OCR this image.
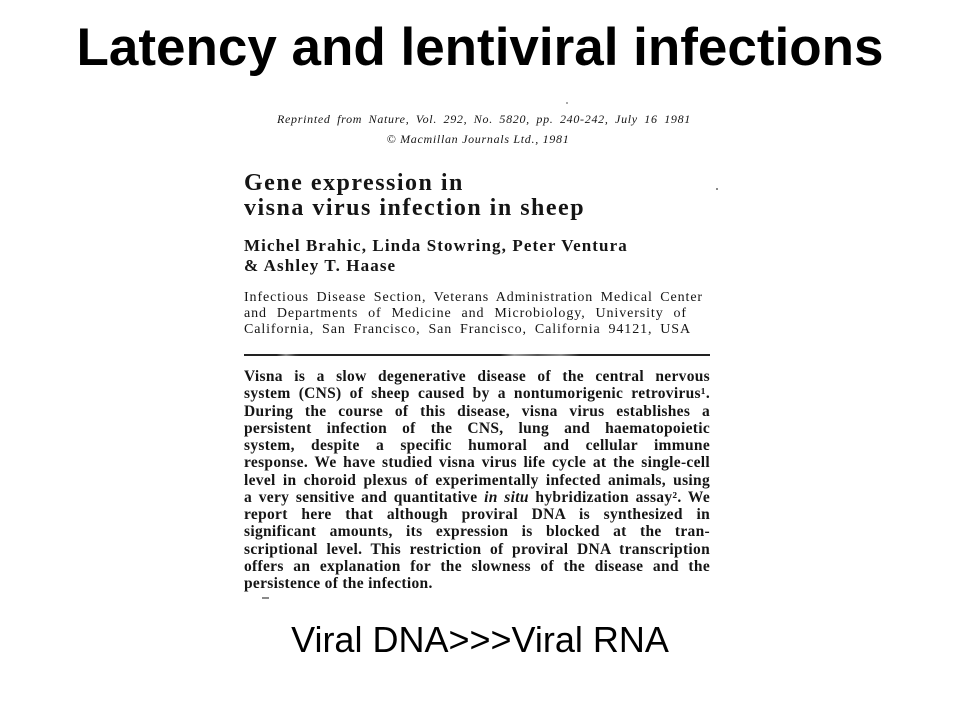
Latency and lentiviral infections
Reprinted from Nature, Vol. 292, No. 5820, pp. 240-242, July 16 1981
© Macmillan Journals Ltd., 1981
Gene expression in
visna virus infection in sheep
Michel Brahic, Linda Stowring, Peter Ventura
& Ashley T. Haase
Infectious Disease Section, Veterans Administration Medical Center
and Departments of Medicine and Microbiology, University of
California, San Francisco, San Francisco, California 94121, USA
Visna is a slow degenerative disease of the central nervous
system (CNS) of sheep caused by a nontumorigenic retrovirus¹.
During the course of this disease, visna virus establishes a
persistent infection of the CNS, lung and haematopoietic
system, despite a specific humoral and cellular immune
response. We have studied visna virus life cycle at the single-cell
level in choroid plexus of experimentally infected animals, using
a very sensitive and quantitative in situ hybridization assay². We
report here that although proviral DNA is synthesized in
significant amounts, its expression is blocked at the tran-
scriptional level. This restriction of proviral DNA transcription
offers an explanation for the slowness of the disease and the
persistence of the infection.
Viral DNA>>>Viral RNA
